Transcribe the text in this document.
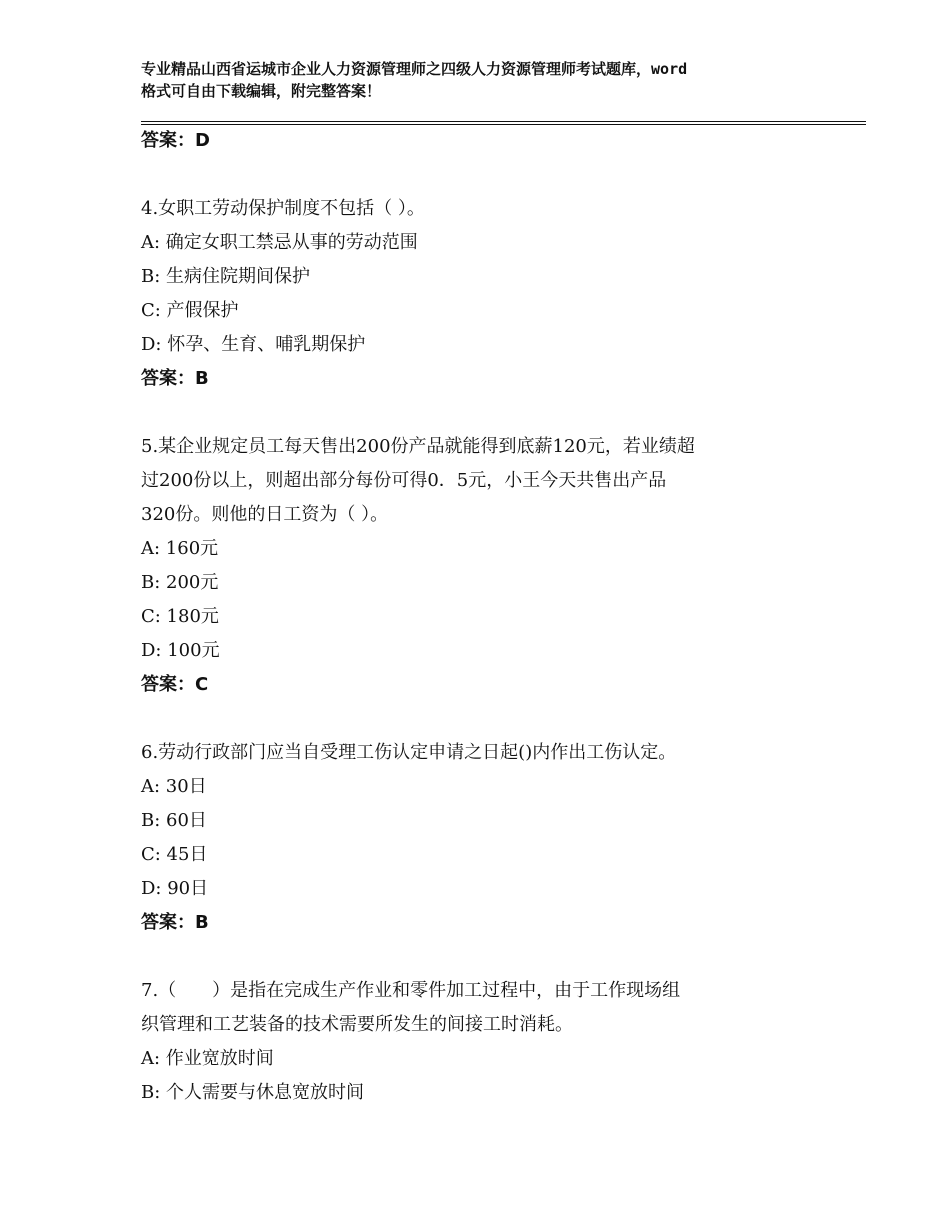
专业精品山西省运城市企业人力资源管理师之四级人力资源管理师考试题库，word
格式可自由下载编辑，附完整答案！
答案：D
4.女职工劳动保护制度不包括（ ）。
A: 确定女职工禁忌从事的劳动范围
B: 生病住院期间保护
C: 产假保护
D: 怀孕、生育、哺乳期保护
答案：B
5.某企业规定员工每天售出200份产品就能得到底薪120元，若业绩超
过200份以上，则超出部分每份可得0．5元，小王今天共售出产品
320份。则他的日工资为（ ）。
A: 160元
B: 200元
C: 180元
D: 100元
答案：C
6.劳动行政部门应当自受理工伤认定申请之日起()内作出工伤认定。
A: 30日
B: 60日
C: 45日
D: 90日
答案：B
7.（　　）是指在完成生产作业和零件加工过程中，由于工作现场组
织管理和工艺装备的技术需要所发生的间接工时消耗。
A: 作业宽放时间
B: 个人需要与休息宽放时间
